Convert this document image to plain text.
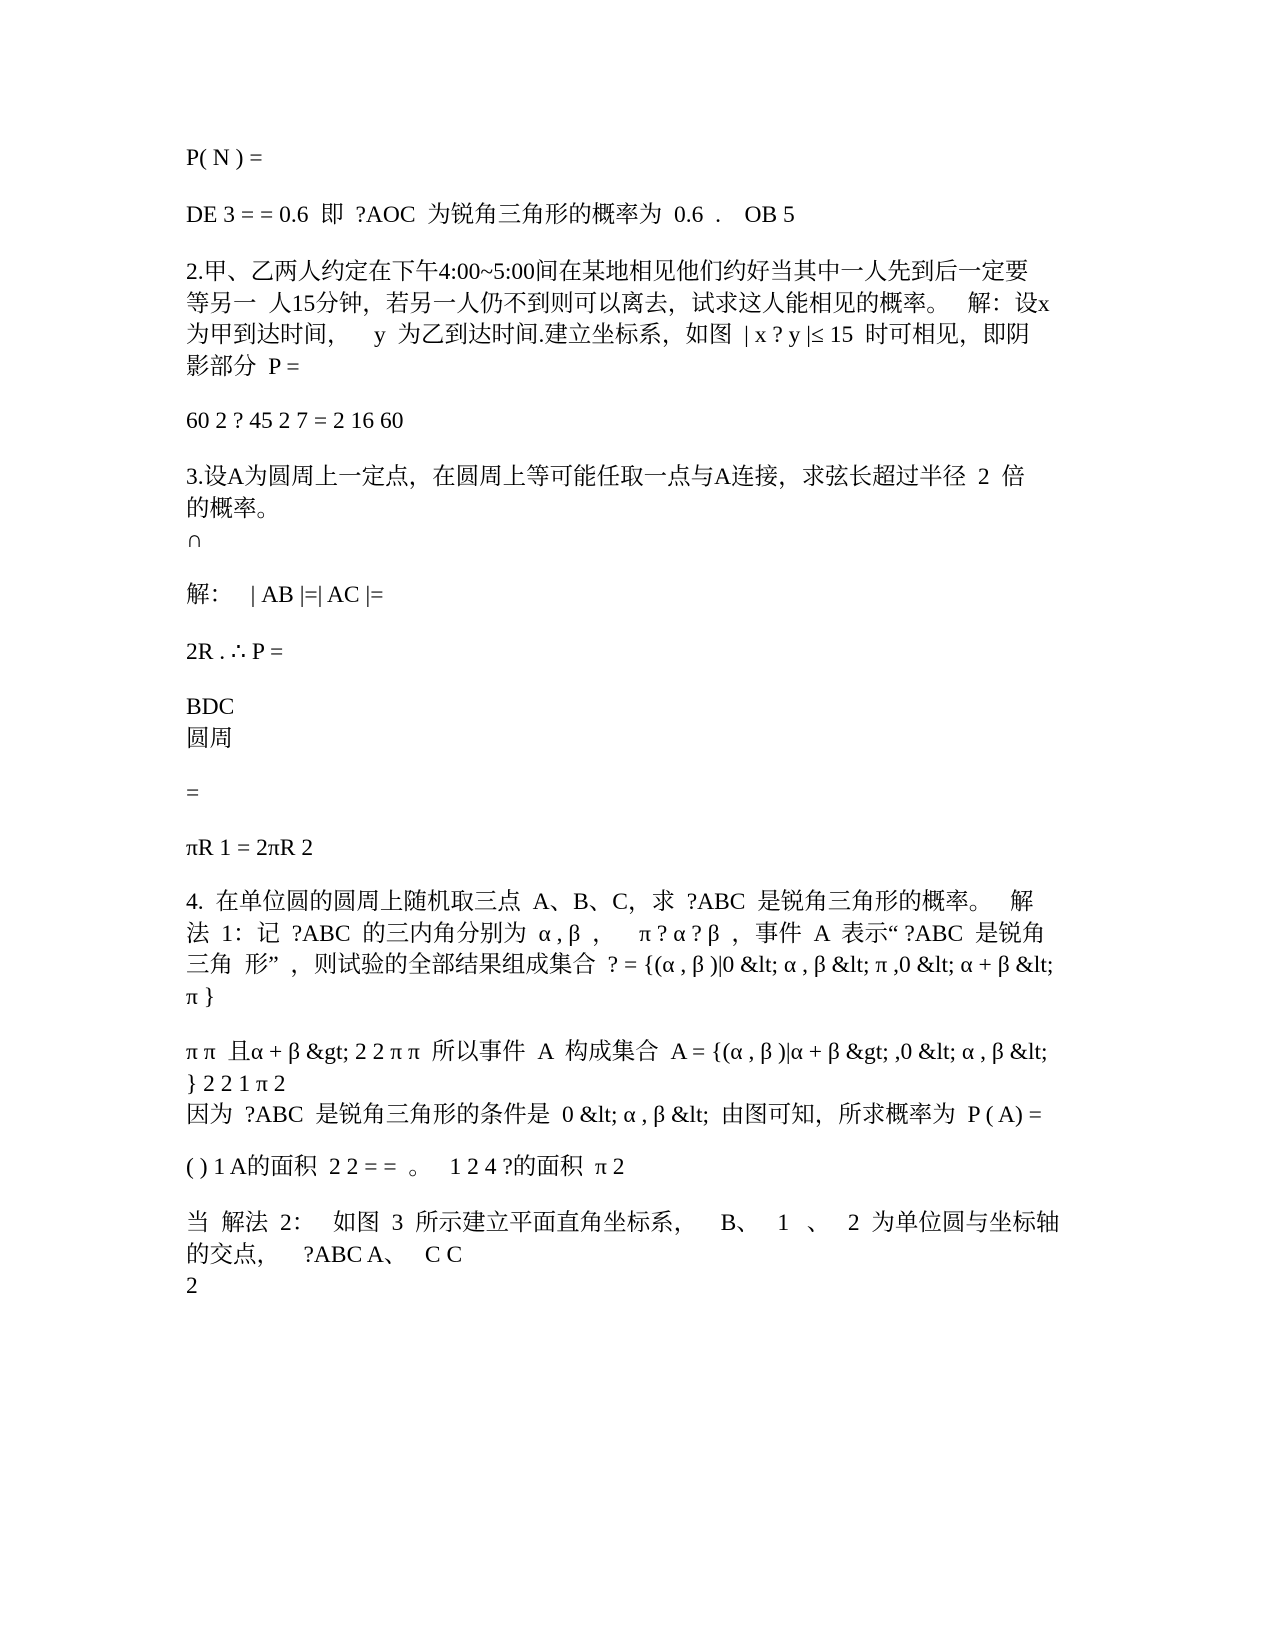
P( N ) =
DE 3 = = 0.6  即  ?AOC  为锐角三角形的概率为  0.6  .    OB 5
2.甲、乙两人约定在下午4:00~5:00间在某地相见他们约好当其中一人先到后一定要
等另一  人15分钟，若另一人仍不到则可以离去，试求这人能相见的概率。   解：设x
为甲到达时间，    y  为乙到达时间.建立坐标系，如图  | x ? y |≤ 15  时可相见，即阴
影部分  P =
60 2 ? 45 2 7 = 2 16 60
3.设A为圆周上一定点，在圆周上等可能任取一点与A连接，求弦长超过半径  2  倍
的概率。
∩
解：   | AB |=| AC |=
2R . ∴ P =
BDC
圆周
=
πR 1 = 2πR 2
4.  在单位圆的圆周上随机取三点  A、B、C，求  ?ABC  是锐角三角形的概率。   解
法  1：记  ?ABC  的三内角分别为  α , β  ，    π ? α ? β  ，事件  A  表示“ ?ABC  是锐角
三角  形”  ，则试验的全部结果组成集合  ? = {(α , β )|0 &lt; α , β &lt; π ,0 &lt; α + β &lt;
π }
π π  且α + β &gt; 2 2 π π  所以事件  A  构成集合  A = {(α , β )|α + β &gt; ,0 &lt; α , β &lt;
} 2 2 1 π 2
因为  ?ABC  是锐角三角形的条件是  0 &lt; α , β &lt;  由图可知，所求概率为  P ( A) =
( ) 1 A的面积  2 2 = =  。   1 2 4 ?的面积  π 2
当  解法  2：   如图  3  所示建立平面直角坐标系，    B、   1   、   2  为单位圆与坐标轴
的交点，    ?ABC A、   C C
2
